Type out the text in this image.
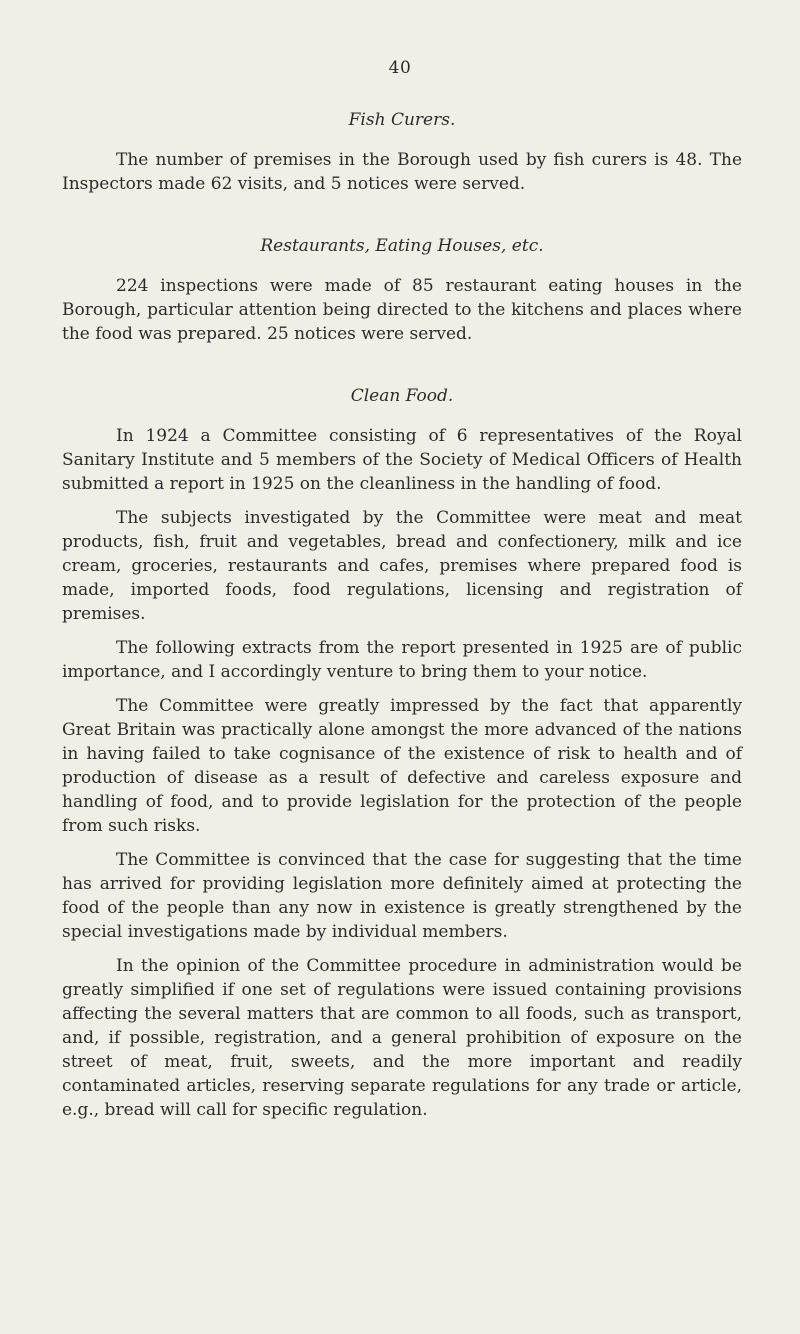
40
Fish Curers.

The number of premises in the Borough used by fish curers is 48. The Inspectors made 62 visits, and 5 notices were served.

Restaurants, Eating Houses, etc.

224 inspections were made of 85 restaurant eating houses in the Borough, particular attention being directed to the kitchens and places where the food was prepared. 25 notices were served.

Clean Food.

In 1924 a Committee consisting of 6 representatives of the Royal Sanitary Institute and 5 members of the Society of Medical Officers of Health submitted a report in 1925 on the cleanliness in the handling of food.

The subjects investigated by the Committee were meat and meat products, fish, fruit and vegetables, bread and confectionery, milk and ice cream, groceries, restaurants and cafes, premises where prepared food is made, imported foods, food regulations, licensing and registration of premises.

The following extracts from the report presented in 1925 are of public importance, and I accordingly venture to bring them to your notice.

The Committee were greatly impressed by the fact that apparently Great Britain was practically alone amongst the more advanced of the nations in having failed to take cognisance of the existence of risk to health and of production of disease as a result of defective and careless exposure and handling of food, and to provide legislation for the protection of the people from such risks.

The Committee is convinced that the case for suggesting that the time has arrived for providing legislation more definitely aimed at protecting the food of the people than any now in existence is greatly strengthened by the special investigations made by individual members.

In the opinion of the Committee procedure in administration would be greatly simplified if one set of regulations were issued containing provisions affecting the several matters that are common to all foods, such as transport, and, if possible, registration, and a general prohibition of exposure on the street of meat, fruit, sweets, and the more important and readily contaminated articles, reserving separate regulations for any trade or article, e.g., bread will call for specific regulation.
